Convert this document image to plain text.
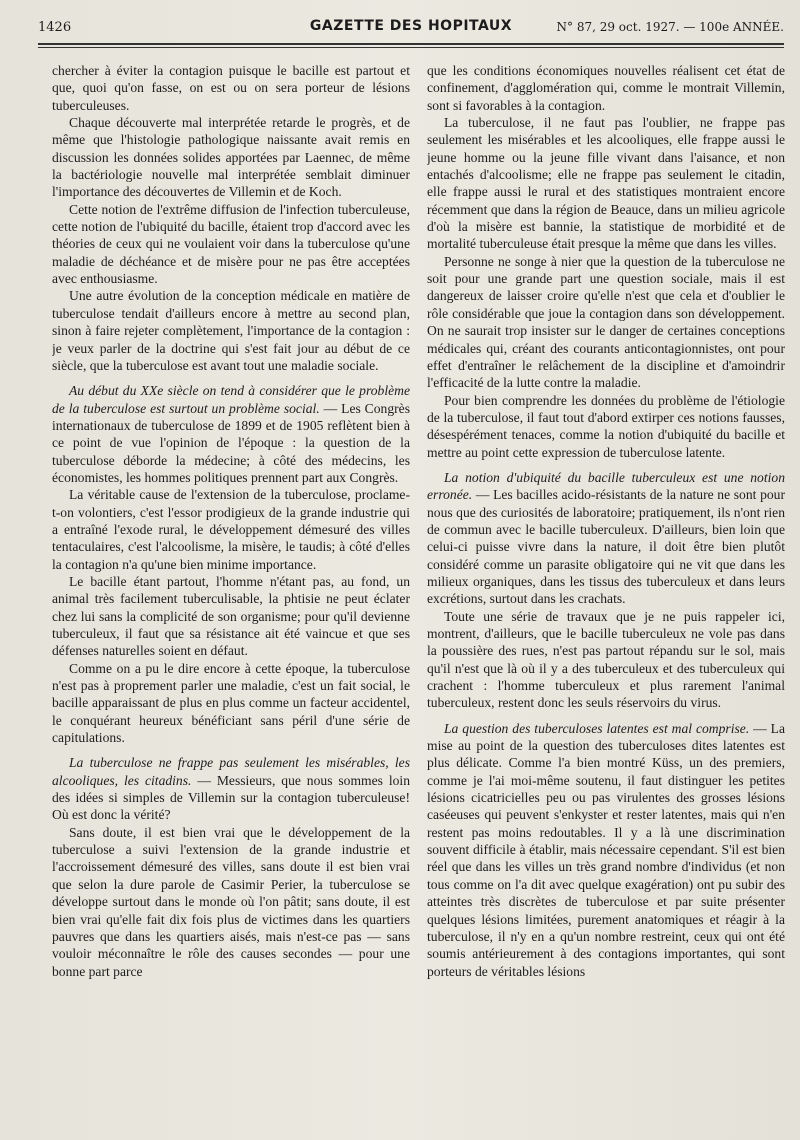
1426	GAZETTE DES HOPITAUX	N° 87, 29 oct. 1927. — 100e ANNÉE.

chercher à éviter la contagion puisque le bacille est partout et que, quoi qu'on fasse, on est ou on sera porteur de lésions tuberculeuses.

Chaque découverte mal interprétée retarde le progrès, et de même que l'histologie pathologique naissante avait remis en discussion les données solides apportées par Laennec, de même la bactériologie nouvelle mal interprétée semblait diminuer l'importance des découvertes de Villemin et de Koch.

Cette notion de l'extrême diffusion de l'infection tuberculeuse, cette notion de l'ubiquité du bacille, étaient trop d'accord avec les théories de ceux qui ne voulaient voir dans la tuberculose qu'une maladie de déchéance et de misère pour ne pas être acceptées avec enthousiasme.

Une autre évolution de la conception médicale en matière de tuberculose tendait d'ailleurs encore à mettre au second plan, sinon à faire rejeter complètement, l'importance de la contagion : je veux parler de la doctrine qui s'est fait jour au début de ce siècle, que la tuberculose est avant tout une maladie sociale.

Au début du XXe siècle on tend à considérer que le problème de la tuberculose est surtout un problème social. — Les Congrès internationaux de tuberculose de 1899 et de 1905 reflètent bien à ce point de vue l'opinion de l'époque : la question de la tuberculose déborde la médecine; à côté des médecins, les économistes, les hommes politiques prennent part aux Congrès.

La véritable cause de l'extension de la tuberculose, proclame-t-on volontiers, c'est l'essor prodigieux de la grande industrie qui a entraîné l'exode rural, le développement démesuré des villes tentaculaires, c'est l'alcoolisme, la misère, le taudis; à côté d'elles la contagion n'a qu'une bien minime importance.

Le bacille étant partout, l'homme n'étant pas, au fond, un animal très facilement tuberculisable, la phtisie ne peut éclater chez lui sans la complicité de son organisme; pour qu'il devienne tuberculeux, il faut que sa résistance ait été vaincue et que ses défenses naturelles soient en défaut.

Comme on a pu le dire encore à cette époque, la tuberculose n'est pas à proprement parler une maladie, c'est un fait social, le bacille apparaissant de plus en plus comme un facteur accidentel, le conquérant heureux bénéficiant sans péril d'une série de capitulations.

La tuberculose ne frappe pas seulement les misérables, les alcooliques, les citadins. — Messieurs, que nous sommes loin des idées si simples de Villemin sur la contagion tuberculeuse! Où est donc la vérité?

Sans doute, il est bien vrai que le développement de la tuberculose a suivi l'extension de la grande industrie et l'accroissement démesuré des villes, sans doute il est bien vrai que selon la dure parole de Casimir Perier, la tuberculose se développe surtout dans le monde où l'on pâtit; sans doute, il est bien vrai qu'elle fait dix fois plus de victimes dans les quartiers pauvres que dans les quartiers aisés, mais n'est-ce pas — sans vouloir méconnaître le rôle des causes secondes — pour une bonne part parce

que les conditions économiques nouvelles réalisent cet état de confinement, d'agglomération qui, comme le montrait Villemin, sont si favorables à la contagion.

La tuberculose, il ne faut pas l'oublier, ne frappe pas seulement les misérables et les alcooliques, elle frappe aussi le jeune homme ou la jeune fille vivant dans l'aisance, et non entachés d'alcoolisme; elle ne frappe pas seulement le citadin, elle frappe aussi le rural et des statistiques montraient encore récemment que dans la région de Beauce, dans un milieu agricole d'où la misère est bannie, la statistique de morbidité et de mortalité tuberculeuse était presque la même que dans les villes.

Personne ne songe à nier que la question de la tuberculose ne soit pour une grande part une question sociale, mais il est dangereux de laisser croire qu'elle n'est que cela et d'oublier le rôle considérable que joue la contagion dans son développement. On ne saurait trop insister sur le danger de certaines conceptions médicales qui, créant des courants anticontagionnistes, ont pour effet d'entraîner le relâchement de la discipline et d'amoindrir l'efficacité de la lutte contre la maladie.

Pour bien comprendre les données du problème de l'étiologie de la tuberculose, il faut tout d'abord extirper ces notions fausses, désespérément tenaces, comme la notion d'ubiquité du bacille et mettre au point cette expression de tuberculose latente.

La notion d'ubiquité du bacille tuberculeux est une notion erronée. — Les bacilles acido-résistants de la nature ne sont pour nous que des curiosités de laboratoire; pratiquement, ils n'ont rien de commun avec le bacille tuberculeux. D'ailleurs, bien loin que celui-ci puisse vivre dans la nature, il doit être bien plutôt considéré comme un parasite obligatoire qui ne vit que dans les milieux organiques, dans les tissus des tuberculeux et dans leurs excrétions, surtout dans les crachats.

Toute une série de travaux que je ne puis rappeler ici, montrent, d'ailleurs, que le bacille tuberculeux ne vole pas dans la poussière des rues, n'est pas partout répandu sur le sol, mais qu'il n'est que là où il y a des tuberculeux et des tuberculeux qui crachent : l'homme tuberculeux et plus rarement l'animal tuberculeux, restent donc les seuls réservoirs du virus.

La question des tuberculoses latentes est mal comprise. — La mise au point de la question des tuberculoses dites latentes est plus délicate. Comme l'a bien montré Küss, un des premiers, comme je l'ai moi-même soutenu, il faut distinguer les petites lésions cicatricielles peu ou pas virulentes des grosses lésions caséeuses qui peuvent s'enkyster et rester latentes, mais qui n'en restent pas moins redoutables. Il y a là une discrimination souvent difficile à établir, mais nécessaire cependant. S'il est bien réel que dans les villes un très grand nombre d'individus (et non tous comme on l'a dit avec quelque exagération) ont pu subir des atteintes très discrètes de tuberculose et par suite présenter quelques lésions limitées, purement anatomiques et réagir à la tuberculose, il n'y en a qu'un nombre restreint, ceux qui ont été soumis antérieurement à des contagions importantes, qui sont porteurs de véritables lésions
